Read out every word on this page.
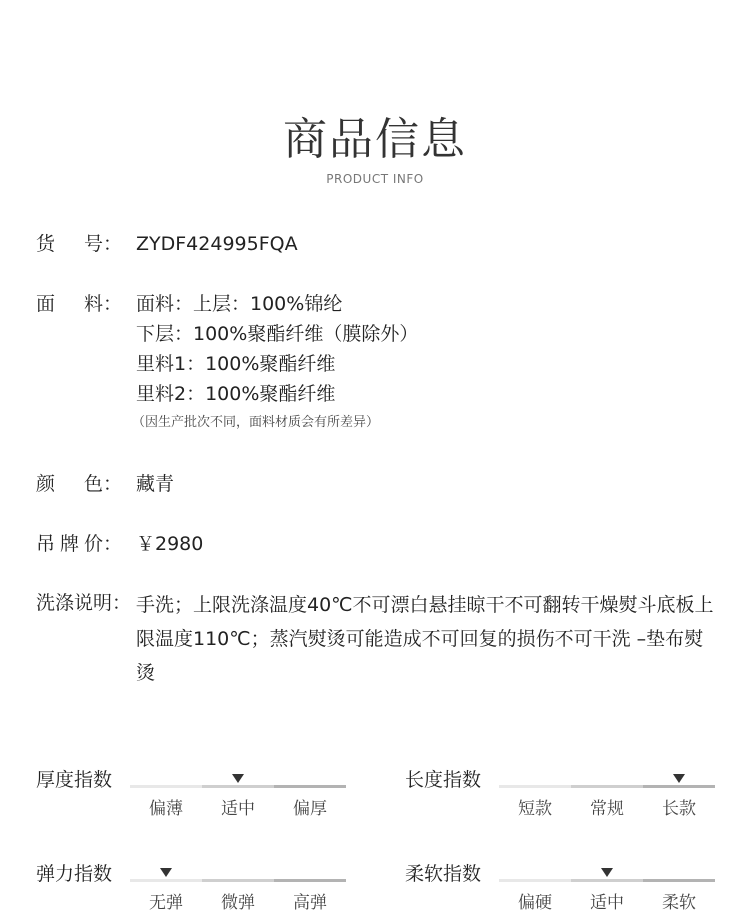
商品信息
PRODUCT INFO
货 号： ZYDF424995FQA
面 料： 面料：上层：100%锦纶
下层：100%聚酯纤维（膜除外）
里料1：100%聚酯纤维
里料2：100%聚酯纤维
（因生产批次不同，面料材质会有所差异）
颜 色： 藏青
吊 牌 价： ￥2980
洗涤说明： 手洗；上限洗涤温度40℃不可漂白悬挂晾干不可翻转干燥熨斗底板上限温度110℃；蒸汽熨烫可能造成不可回复的损伤不可干洗 –垫布熨烫
厚度指数
偏薄	适中	偏厚
长度指数
短款	常规	长款
弹力指数
无弹	微弹	高弹
柔软指数
偏硬	适中	柔软
